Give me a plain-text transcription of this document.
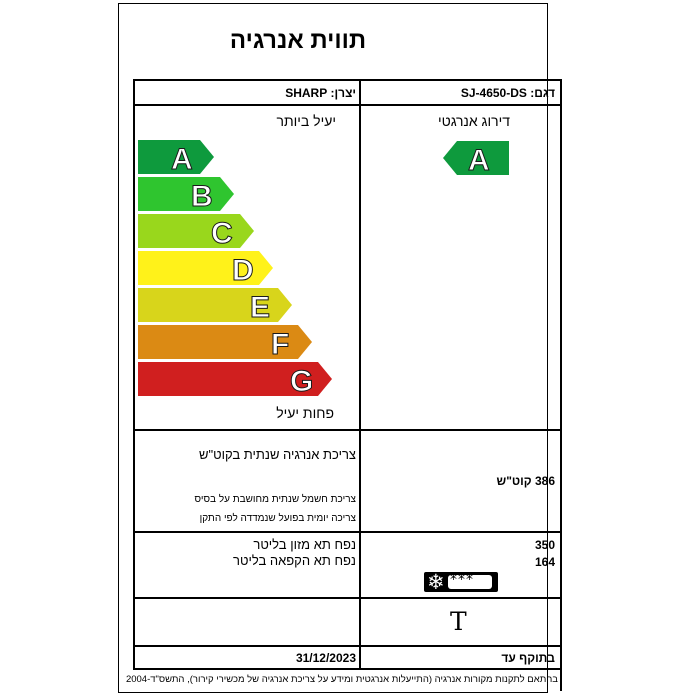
תווית אנרגיה
יצרן: SHARP	דגם: SJ-4650-DS
יעיל ביותר
A
B
C
D
E
F
G
פחות יעיל
דירוג אנרגטי
A
צריכת אנרגיה שנתית בקוט"ש
צריכת חשמל שנתית מחושבת על בסיס
צריכה יומית בפועל שנמדדה לפי התקן
386 קוט"ש
נפח תא מזון בליטר
נפח תא הקפאה בליטר
350
164
❄ ***
T
31/12/2023	בתוקף עד
בהתאם לתקנות מקורות אנרגיה (התייעלות אנרגטית ומידע על צריכת אנרגיה של מכשירי קירור), התשס"ד-2004
